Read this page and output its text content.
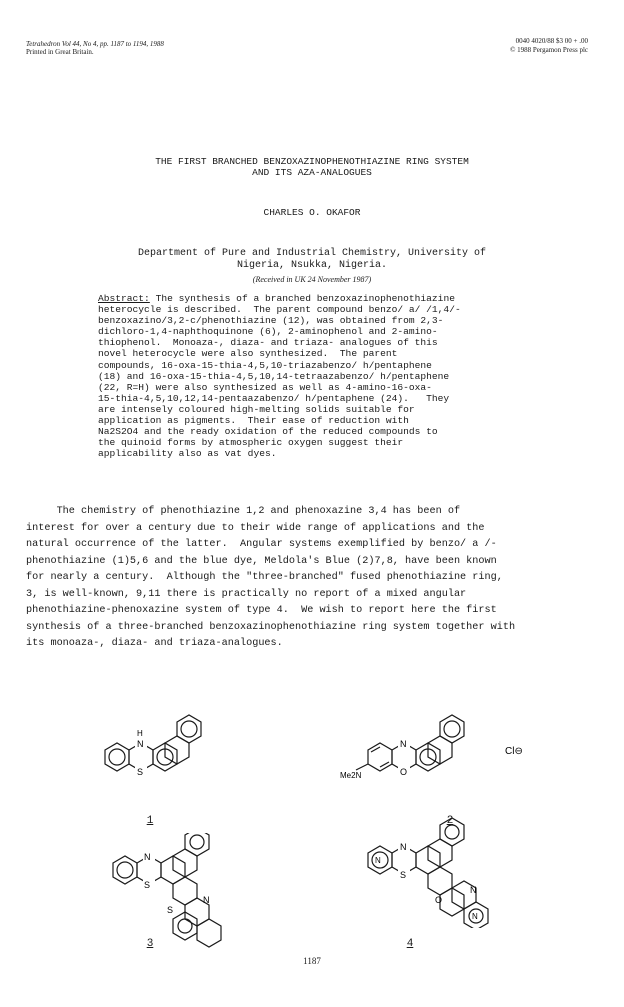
Tetrahedron Vol 44, No 4, pp. 1187 to 1194, 1988
Printed in Great Britain.
0040 4020/88 $3 00 + .00
© 1988 Pergamon Press plc
THE FIRST BRANCHED BENZOXAZINOPHENOTHIAZINE RING SYSTEM
AND ITS AZA-ANALOGUES
CHARLES O. OKAFOR
Department of Pure and Industrial Chemistry, University of
Nigeria, Nsukka, Nigeria.
(Received in UK 24 November 1987)
Abstract: The synthesis of a branched benzoxazinophenothiazine
heterocycle is described.  The parent compound benzo/ a/ /1,4/-
benzoxazino/3,2-c/phenothiazine (12), was obtained from 2,3-
dichloro-1,4-naphthoquinone (6), 2-aminophenol and 2-amino-
thiophenol.  Monoaza-, diaza- and triaza- analogues of this
novel heterocycle were also synthesized.  The parent
compounds, 16-oxa-15-thia-4,5,10-triazabenzo/ h/pentaphene
(18) and 16-oxa-15-thia-4,5,10,14-tetraazabenzo/ h/pentaphene
(22, R=H) were also synthesized as well as 4-amino-16-oxa-
15-thia-4,5,10,12,14-pentaazabenzo/ h/pentaphene (24).   They
are intensely coloured high-melting solids suitable for
application as pigments.  Their ease of reduction with
Na2S2O4 and the ready oxidation of the reduced compounds to
the quinoid forms by atmospheric oxygen suggest their
applicability also as vat dyes.
The chemistry of phenothiazine 1,2 and phenoxazine 3,4 has been of
interest for over a century due to their wide range of applications and the
natural occurrence of the latter.  Angular systems exemplified by benzo/ a /-
phenothiazine (1)5,6 and the blue dye, Meldola's Blue (2)7,8, have been known
for nearly a century.  Although the "three-branched" fused phenothiazine ring,
3, is well-known, 9,11 there is practically no report of a mixed angular
phenothiazine-phenoxazine system of type 4.  We wish to report here the first
synthesis of a three-branched benzoxazinophenothiazine ring system together with
its monoaza-, diaza- and triaza-analogues.
H
N
S
1
N
O
Me2N
Cl⊖
2
N
S
N
S
3
N
N
S
N
O
N
4
1187
